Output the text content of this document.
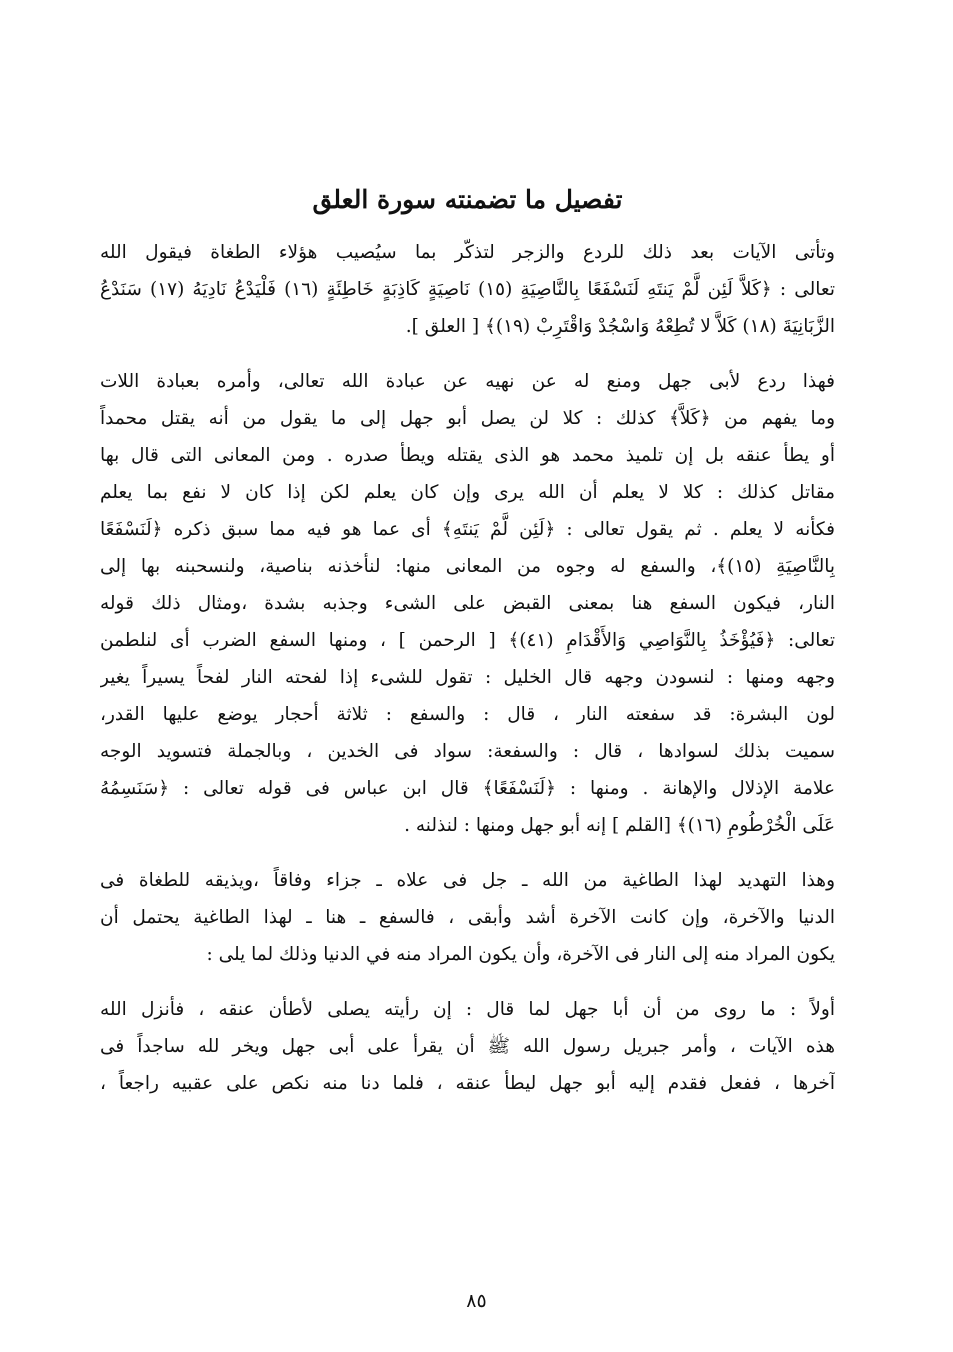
تفصيل ما تضمنته سورة العلق
وتأتى الآيات بعد ذلك للردع والزجر لتذكّر بما سيُصيب هؤلاء الطغاة فيقول الله
تعالى : ﴿كَلاَّ لَئِن لَّمْ يَنتَهِ لَنَسْفَعًا بِالنَّاصِيَةِ (١٥) نَاصِيَةٍ كَاذِبَةٍ خَاطِئَةٍ (١٦) فَلْيَدْعُ نَادِيَهُ (١٧) سَنَدْعُ
الزَّبَانِيَةَ (١٨) كَلاَّ لا تُطِعْهُ وَاسْجُدْ وَاقْتَرِبْ (١٩)﴾ [ العلق ].
فهذا ردع لأبى جهل ومنع له عن نهيه عن عبادة الله تعالى، وأمره بعبادة اللات
وما يفهم من ﴿كَلاَّ﴾ كذلك : كلا لن يصل أبو جهل إلى ما يقول من أنه يقتل محمداً
أو يطأ عنقه بل إن تلميذ محمد هو الذى يقتله ويطأ صدره . ومن المعانى التى قال بها
مقاتل كذلك : كلا لا يعلم أن الله يرى وإن كان يعلم لكن إذا كان لا نفع بما يعلم
فكأنه لا يعلم . ثم يقول تعالى : ﴿لَئِن لَّمْ يَنتَهِ﴾ أى عما هو فيه مما سبق ذكره ﴿لَنَسْفَعًا
بِالنَّاصِيَةِ (١٥)﴾، والسفع له وجوه من المعانى منها: لنأخذنه بناصية، ولنسحبنه بها إلى
النار، فيكون السفع هنا بمعنى القبض على الشىء وجذبه بشدة ،ومثال ذلك قوله
تعالى: ﴿فَيُؤْخَذُ بِالنَّوَاصِي وَالأَقْدَامِ (٤١)﴾ [ الرحمن ] ، ومنها السفع الضرب أى لنلطمن
وجهه ومنها : لنسودن وجهه قال الخليل : تقول للشىء إذا لفحته النار لفحاً يسيراً يغير
لون البشرة: قد سفعته النار ، قال : والسفع : ثلاثة أحجار يوضع عليها القدر،
سميت بذلك لسوادها ، قال : والسفعة: سواد فى الخدين ، وبالجملة فتسويد الوجه
علامة الإذلال والإهانة . ومنها : ﴿لَنَسْفَعًا﴾ قال ابن عباس فى قوله تعالى : ﴿سَنَسِمُهُ
عَلَى الْخُرْطُومِ (١٦)﴾ [القلم ] إنه أبو جهل ومنها : لنذلنه .
وهذا التهديد لهذا الطاغية من الله ـ جل فى علاه ـ جزاء وفاقاً ،ويذيقه للطغاة فى
الدنيا والآخرة، وإن كانت الآخرة أشد وأبقى ، فالسفع ـ هنا ـ لهذا الطاغية يحتمل أن
يكون المراد منه إلى النار فى الآخرة، وأن يكون المراد منه في الدنيا وذلك لما يلى :
أولاً : ما روى من أن أبا جهل لما قال : إن رأيته يصلى لأطأن عنقه ، فأنزل الله
هذه الآيات ، وأمر جبريل رسول الله ﷺ أن يقرأ على أبى جهل ويخر لله ساجداً فى
آخرها ، ففعل فقدم إليه أبو جهل ليطأ عنقه ، فلما دنا منه نكص على عقبيه راجعاً ،
٨٥
